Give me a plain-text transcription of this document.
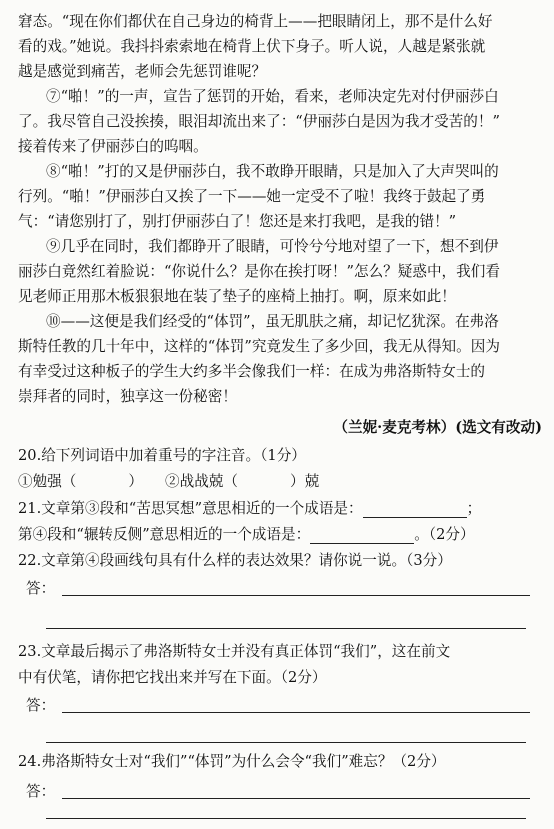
窘态。“现在你们都伏在自己身边的椅背上——把眼睛闭上，那不是什么好
看的戏。”她说。我抖抖索索地在椅背上伏下身子。听人说，人越是紧张就
越是感觉到痛苦，老师会先惩罚谁呢？
⑦“啪！”的一声，宣告了惩罚的开始，看来，老师决定先对付伊丽莎白
了。我尽管自己没挨揍，眼泪却流出来了：“伊丽莎白是因为我才受苦的！”
接着传来了伊丽莎白的呜咽。
⑧“啪！”打的又是伊丽莎白，我不敢睁开眼睛，只是加入了大声哭叫的
行列。“啪！”伊丽莎白又挨了一下——她一定受不了啦！我终于鼓起了勇
气：“请您别打了，别打伊丽莎白了！您还是来打我吧，是我的错！”
⑨几乎在同时，我们都睁开了眼睛，可怜兮兮地对望了一下，想不到伊
丽莎白竟然红着脸说：“你说什么？是你在挨打呀！”怎么？疑惑中，我们看
见老师正用那木板狠狠地在装了垫子的座椅上抽打。啊，原来如此！
⑩——这便是我们经受的“体罚”，虽无肌肤之痛，却记忆犹深。在弗洛
斯特任教的几十年中，这样的“体罚”究竟发生了多少回，我无从得知。因为
有幸受过这种板子的学生大约多半会像我们一样：在成为弗洛斯特女士的
崇拜者的同时，独享这一份秘密！
（兰妮·麦克考林）(选文有改动)
20.给下列词语中加着重号的字注音。（1分）
①勉强（	） ②战战兢（	）兢
21.文章第③段和“苦思冥想”意思相近的一个成语是：	；
第④段和“辗转反侧”意思相近的一个成语是：	。（2分）
22.文章第④段画线句具有什么样的表达效果？请你说一说。（3分）
答：
23.文章最后揭示了弗洛斯特女士并没有真正体罚“我们”，这在前文
中有伏笔，请你把它找出来并写在下面。（2分）
答：
24.弗洛斯特女士对“我们”“体罚”为什么会令“我们”难忘？（2分）
答：
